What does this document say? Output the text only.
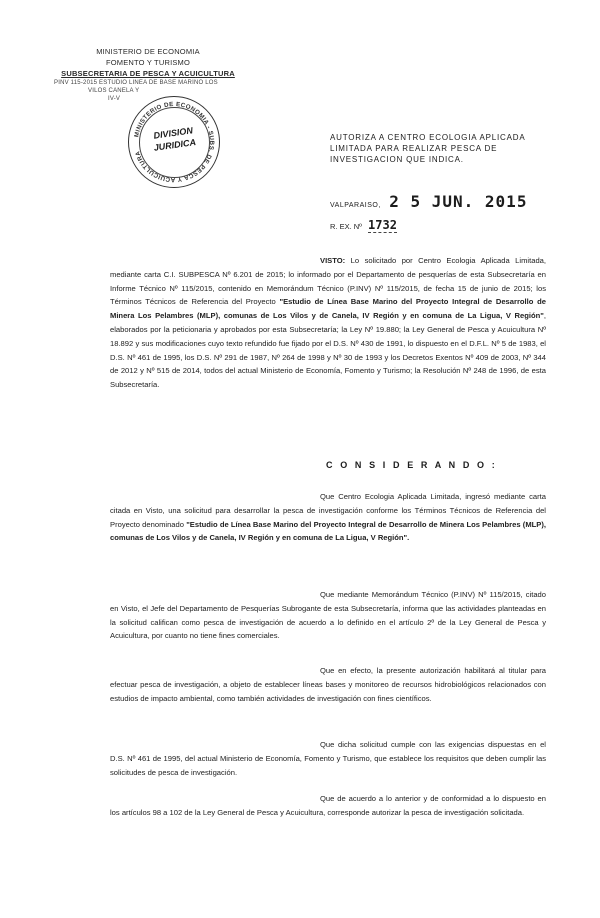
MINISTERIO DE ECONOMIA
FOMENTO Y TURISMO
SUBSECRETARIA DE PESCA Y ACUICULTURA
PINV 115-2015 ESTUDIO LINEA DE BASE MARINO LOS
VILOS CANELA Y
IV-V
MINISTERIO DE ECONOMIA - SUBS. DE PESCA Y ACUICULTURA
DIVISION
JURIDICA	AUTORIZA A CENTRO ECOLOGIA APLICADA LIMITADA PARA REALIZAR PESCA DE INVESTIGACION QUE INDICA.
VALPARAISO, 2 5 JUN. 2015
R. EX. Nº 1732
VISTO: Lo solicitado por Centro Ecologia Aplicada Limitada, mediante carta C.I. SUBPESCA Nº 6.201 de 2015; lo informado por el Departamento de pesquerías de esta Subsecretaría en Informe Técnico Nº 115/2015, contenido en Memorándum Técnico (P.INV) Nº 115/2015, de fecha 15 de junio de 2015; los Términos Técnicos de Referencia del Proyecto "Estudio de Línea Base Marino del Proyecto Integral de Desarrollo de Minera Los Pelambres (MLP), comunas de Los Vilos y de Canela, IV Región y en comuna de La Ligua, V Región", elaborados por la peticionaria y aprobados por esta Subsecretaría; la Ley Nº 19.880; la Ley General de Pesca y Acuicultura Nº 18.892 y sus modificaciones cuyo texto refundido fue fijado por el D.S. Nº 430 de 1991, lo dispuesto en el D.F.L. Nº 5 de 1983, el D.S. Nº 461 de 1995, los D.S. Nº 291 de 1987, Nº 264 de 1998 y Nº 30 de 1993 y los Decretos Exentos Nº 409 de 2003, Nº 344 de 2012 y Nº 515 de 2014, todos del actual Ministerio de Economía, Fomento y Turismo; la Resolución Nº 248 de 1996, de esta Subsecretaría.
C O N S I D E R A N D O :
Que Centro Ecologia Aplicada Limitada, ingresó mediante carta citada en Visto, una solicitud para desarrollar la pesca de investigación conforme los Términos Técnicos de Referencia del Proyecto denominado "Estudio de Línea Base Marino del Proyecto Integral de Desarrollo de Minera Los Pelambres (MLP), comunas de Los Vilos y de Canela, IV Región y en comuna de La Ligua, V Región".
Que mediante Memorándum Técnico (P.INV) Nº 115/2015, citado en Visto, el Jefe del Departamento de Pesquerías Subrogante de esta Subsecretaría, informa que las actividades planteadas en la solicitud califican como pesca de investigación de acuerdo a lo definido en el artículo 2º de la Ley General de Pesca y Acuicultura, por cuanto no tiene fines comerciales.
Que en efecto, la presente autorización habilitará al titular para efectuar pesca de investigación, a objeto de establecer líneas bases y monitoreo de recursos hidrobiológicos relacionados con estudios de impacto ambiental, como también actividades de investigación con fines científicos.
Que dicha solicitud cumple con las exigencias dispuestas en el D.S. Nº 461 de 1995, del actual Ministerio de Economía, Fomento y Turismo, que establece los requisitos que deben cumplir las solicitudes de pesca de investigación.
Que de acuerdo a lo anterior y de conformidad a lo dispuesto en los artículos 98 a 102 de la Ley General de Pesca y Acuicultura, corresponde autorizar la pesca de investigación solicitada.
